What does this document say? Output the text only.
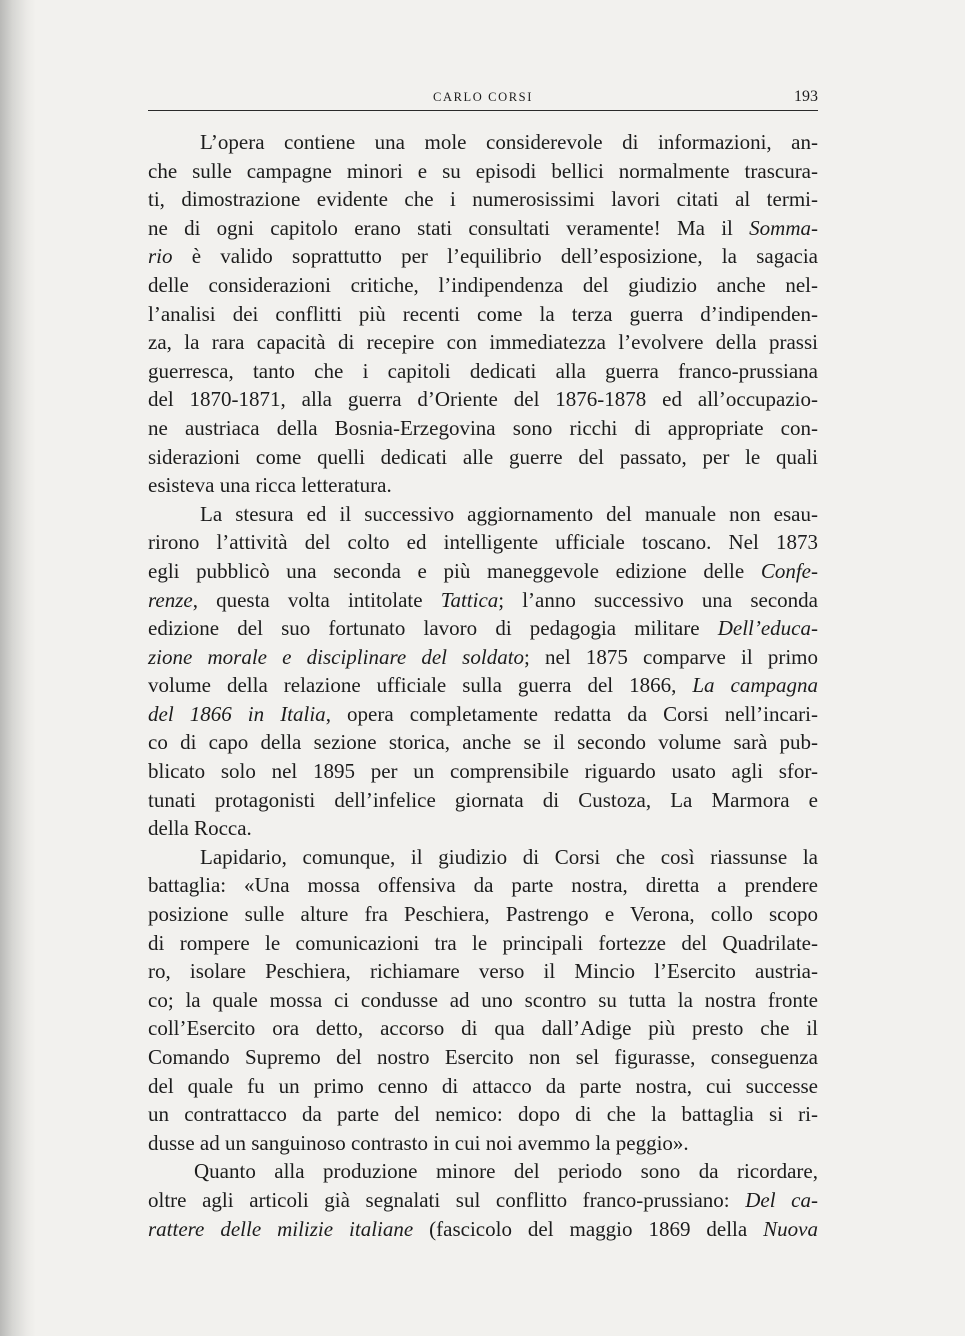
CARLO CORSI	193
L’opera contiene una mole considerevole di informazioni, an-
che sulle campagne minori e su episodi bellici normalmente trascura-
ti, dimostrazione evidente che i numerosissimi lavori citati al termi-
ne di ogni capitolo erano stati consultati veramente! Ma il Somma-
rio è valido soprattutto per l’equilibrio dell’esposizione, la sagacia
delle considerazioni critiche, l’indipendenza del giudizio anche nel-
l’analisi dei conflitti più recenti come la terza guerra d’indipenden-
za, la rara capacità di recepire con immediatezza l’evolvere della prassi
guerresca, tanto che i capitoli dedicati alla guerra franco-prussiana
del 1870-1871, alla guerra d’Oriente del 1876-1878 ed all’occupazio-
ne austriaca della Bosnia-Erzegovina sono ricchi di appropriate con-
siderazioni come quelli dedicati alle guerre del passato, per le quali
esisteva una ricca letteratura.
La stesura ed il successivo aggiornamento del manuale non esau-
rirono l’attività del colto ed intelligente ufficiale toscano. Nel 1873
egli pubblicò una seconda e più maneggevole edizione delle Confe-
renze, questa volta intitolate Tattica; l’anno successivo una seconda
edizione del suo fortunato lavoro di pedagogia militare Dell’educa-
zione morale e disciplinare del soldato; nel 1875 comparve il primo
volume della relazione ufficiale sulla guerra del 1866, La campagna
del 1866 in Italia, opera completamente redatta da Corsi nell’incari-
co di capo della sezione storica, anche se il secondo volume sarà pub-
blicato solo nel 1895 per un comprensibile riguardo usato agli sfor-
tunati protagonisti dell’infelice giornata di Custoza, La Marmora e
della Rocca.
Lapidario, comunque, il giudizio di Corsi che così riassunse la
battaglia: «Una mossa offensiva da parte nostra, diretta a prendere
posizione sulle alture fra Peschiera, Pastrengo e Verona, collo scopo
di rompere le comunicazioni tra le principali fortezze del Quadrilate-
ro, isolare Peschiera, richiamare verso il Mincio l’Esercito austria-
co; la quale mossa ci condusse ad uno scontro su tutta la nostra fronte
coll’Esercito ora detto, accorso di qua dall’Adige più presto che il
Comando Supremo del nostro Esercito non sel figurasse, conseguenza
del quale fu un primo cenno di attacco da parte nostra, cui successe
un contrattacco da parte del nemico: dopo di che la battaglia si ri-
dusse ad un sanguinoso contrasto in cui noi avemmo la peggio».
Quanto alla produzione minore del periodo sono da ricordare,
oltre agli articoli già segnalati sul conflitto franco-prussiano: Del ca-
rattere delle milizie italiane (fascicolo del maggio 1869 della Nuova
